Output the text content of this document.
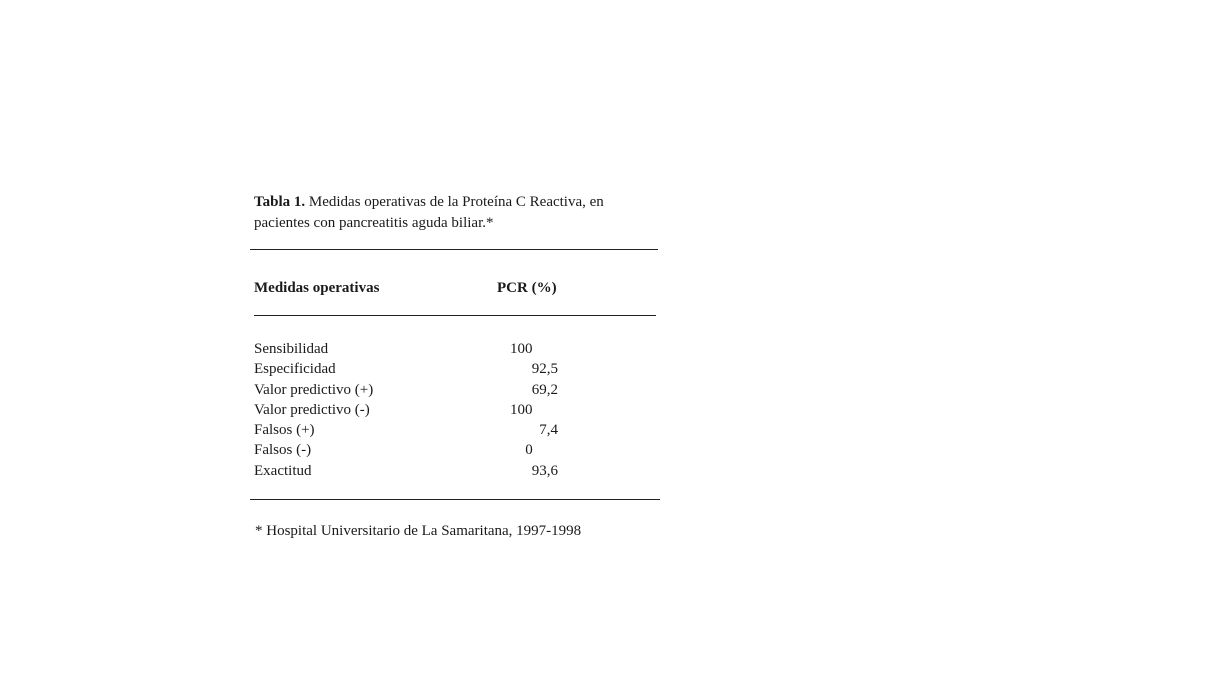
Tabla 1. Medidas operativas de la Proteína C Reactiva, en pacientes con pancreatitis aguda biliar.*

Medidas operativas	PCR (%)
Sensibilidad	100
Especificidad	92,5
Valor predictivo (+)	69,2
Valor predictivo (-)	100
Falsos (+)	7,4
Falsos (-)	0
Exactitud	93,6
* Hospital Universitario de La Samaritana, 1997-1998
